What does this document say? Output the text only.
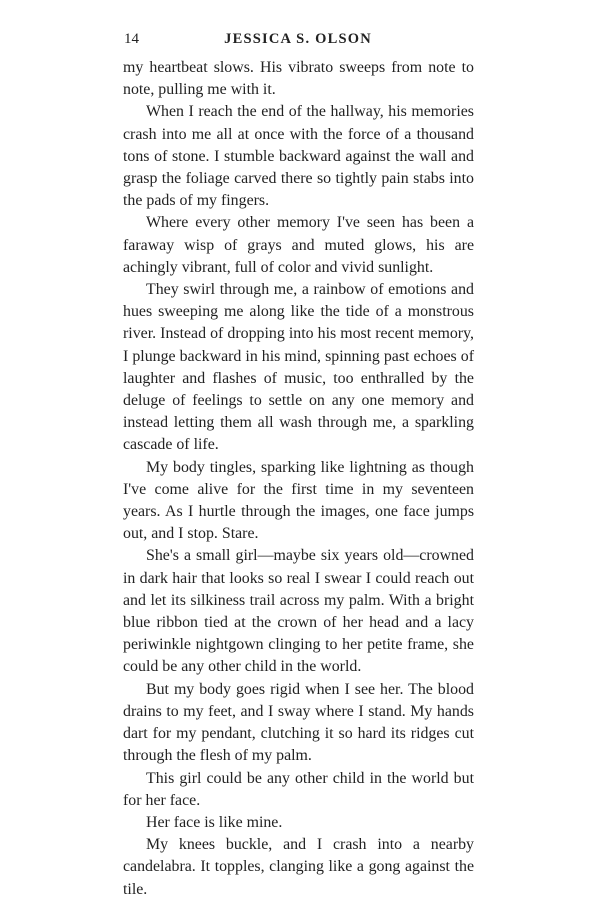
14	JESSICA S. OLSON

my heartbeat slows. His vibrato sweeps from note to note, pulling me with it.

When I reach the end of the hallway, his memories crash into me all at once with the force of a thousand tons of stone. I stumble backward against the wall and grasp the foliage carved there so tightly pain stabs into the pads of my fingers.

Where every other memory I've seen has been a faraway wisp of grays and muted glows, his are achingly vibrant, full of color and vivid sunlight.

They swirl through me, a rainbow of emotions and hues sweeping me along like the tide of a monstrous river. Instead of dropping into his most recent memory, I plunge backward in his mind, spinning past echoes of laughter and flashes of music, too enthralled by the deluge of feelings to settle on any one memory and instead letting them all wash through me, a sparkling cascade of life.

My body tingles, sparking like lightning as though I've come alive for the first time in my seventeen years. As I hurtle through the images, one face jumps out, and I stop. Stare.

She's a small girl—maybe six years old—crowned in dark hair that looks so real I swear I could reach out and let its silkiness trail across my palm. With a bright blue ribbon tied at the crown of her head and a lacy periwinkle nightgown clinging to her petite frame, she could be any other child in the world.

But my body goes rigid when I see her. The blood drains to my feet, and I sway where I stand. My hands dart for my pendant, clutching it so hard its ridges cut through the flesh of my palm.

This girl could be any other child in the world but for her face.

Her face is like mine.

My knees buckle, and I crash into a nearby candelabra. It topples, clanging like a gong against the tile.
